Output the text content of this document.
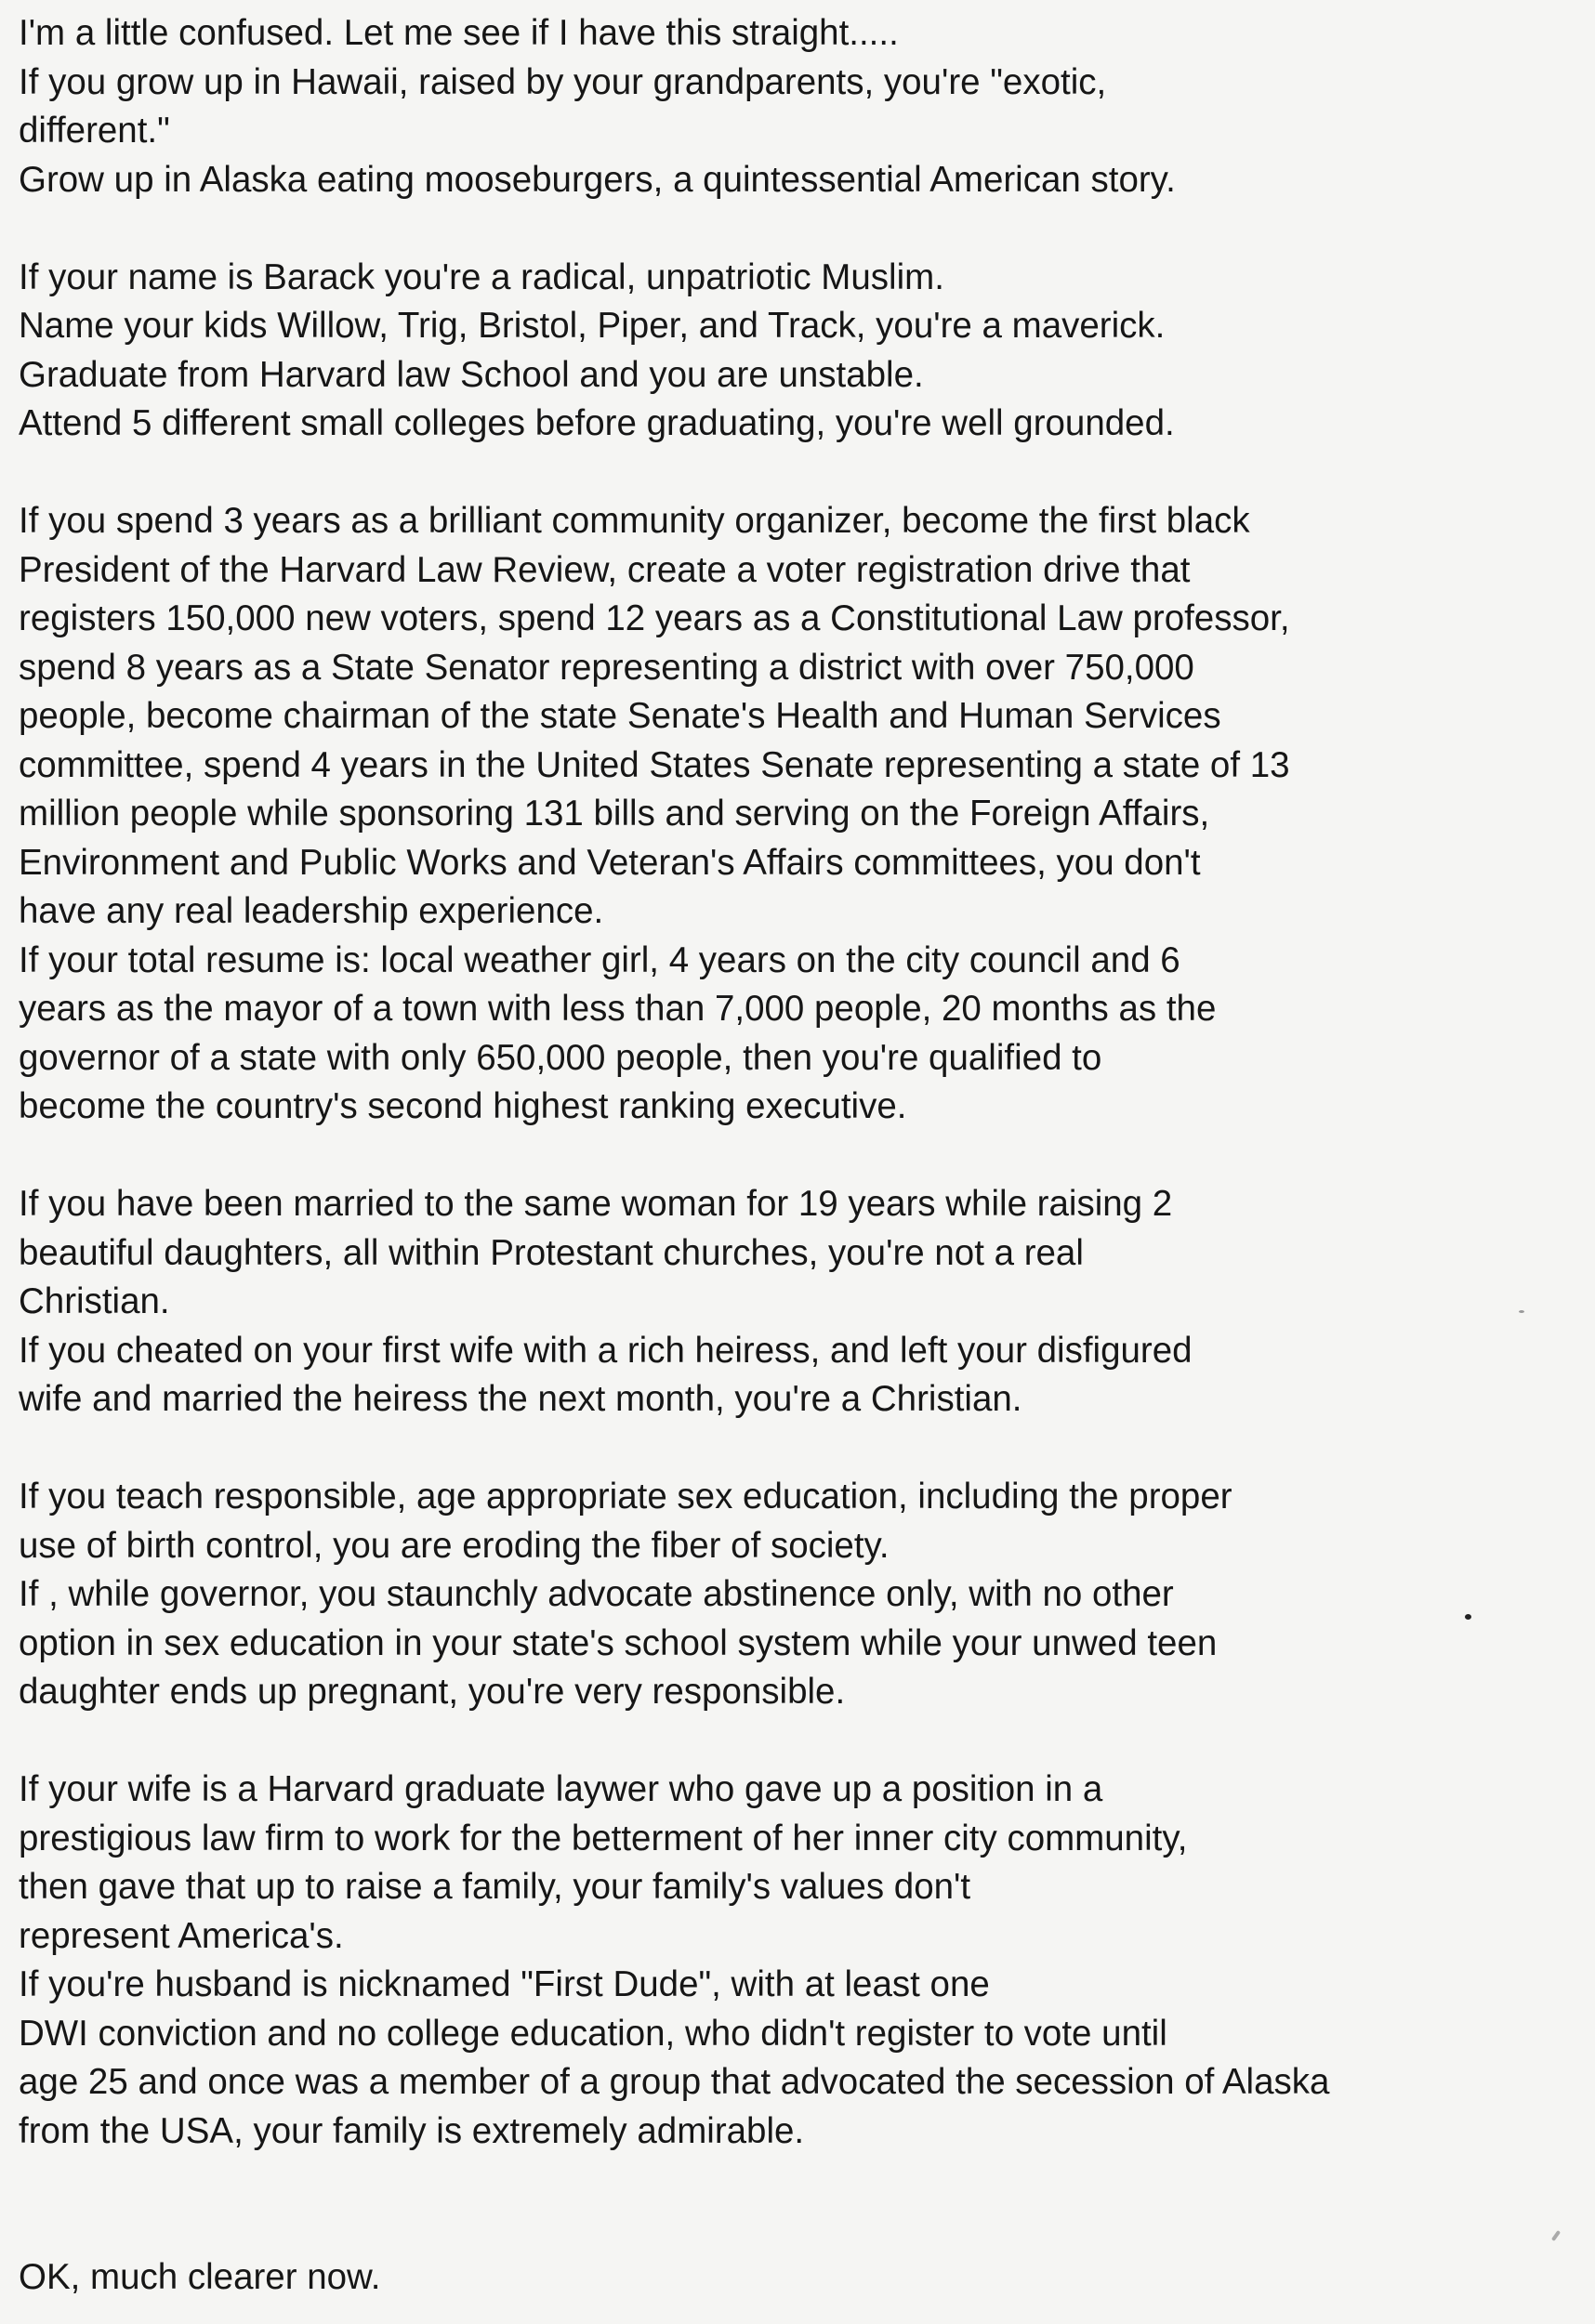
I'm a little confused. Let me see if I have this straight.....
If you grow up in Hawaii, raised by your grandparents, you're "exotic,
different."
Grow up in Alaska eating mooseburgers, a quintessential American story.
If your name is Barack you're a radical, unpatriotic Muslim.
Name your kids Willow, Trig, Bristol, Piper, and Track, you're a maverick.
Graduate from Harvard law School and you are unstable.
Attend 5 different small colleges before graduating, you're well grounded.
If you spend 3 years as a brilliant community organizer, become the first black
President of the Harvard Law Review, create a voter registration drive that
registers 150,000 new voters, spend 12 years as a Constitutional Law professor,
spend 8 years as a State Senator representing a district with over 750,000
people, become chairman of the state Senate's Health and Human Services
committee, spend 4 years in the United States Senate representing a state of 13
million people while sponsoring 131 bills and serving on the Foreign Affairs,
Environment and Public Works and Veteran's Affairs committees, you don't
have any real leadership experience.
If your total resume is: local weather girl, 4 years on the city council and 6
years as the mayor of a town with less than 7,000 people, 20 months as the
governor of a state with only 650,000 people, then you're qualified to
become the country's second highest ranking executive.
If you have been married to the same woman for 19 years while raising 2
beautiful daughters, all within Protestant churches, you're not a real
Christian.
If you cheated on your first wife with a rich heiress, and left your disfigured
wife and married the heiress the next month, you're a Christian.
If you teach responsible, age appropriate sex education, including the proper
use of birth control, you are eroding the fiber of society.
If , while governor, you staunchly advocate abstinence only, with no other
option in sex education in your state's school system while your unwed teen
daughter ends up pregnant, you're very responsible.
If your wife is a Harvard graduate laywer who gave up a position in a
prestigious law firm to work for the betterment of her inner city community,
then gave that up to raise a family, your family's values don't
represent America's.
If you're husband is nicknamed "First Dude", with at least one
DWI conviction and no college education, who didn't register to vote until
age 25 and once was a member of a group that advocated the secession of Alaska
from the USA, your family is extremely admirable.
OK, much clearer now.
